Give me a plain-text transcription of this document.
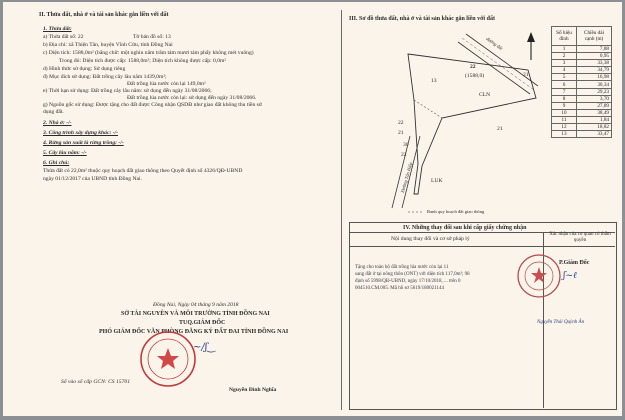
II. Thửa đất, nhà ở và tài sản khác gắn liền với đất
1. Thửa đất:
a) Thửa đất số: 22	Tờ bản đồ số: 13
b) Địa chỉ: xã Thiện Tân, huyện Vĩnh Cửu, tỉnh Đồng Nai
c) Diện tích: 1588,0m² (bằng chữ: một nghìn năm trăm tám mươi tám phẩy không mét vuông)
Trong đó: Diện tích được cấp: 1588,0m²; Diện tích không được cấp: 0,0m²
d) Hình thức sử dụng: Sử dụng riêng
đ) Mục đích sử dụng: Đất trồng cây lâu năm 1439,0m²;
Đất trồng lúa nước còn lại 149,0m²
e) Thời hạn sử dụng: Đất trồng cây lâu năm: sử dụng đến ngày 31/08/2066;
Đất trồng lúa nước còn lại: sử dụng đến ngày 31/08/2066.
g) Nguồn gốc sử dụng: Được tặng cho đất được Công nhận QSDĐ như giao đất không thu tiền sử
dụng đất.
2. Nhà ở: -/-
3. Công trình xây dựng khác: -/-
4. Rừng sản xuất là rừng trồng: -/-
5. Cây lâu năm: -/-
6. Ghi chú:
Thửa đất có 22,0m² thuộc quy hoạch đất giao thông theo Quyết định số 4326/QĐ-UBND
ngày 01/12/2017 của UBND tỉnh Đồng Nai.
Đồng Nai, Ngày 04 tháng 9 năm 2018
SỞ TÀI NGUYÊN VÀ MÔI TRƯỜNG TỈNH ĐỒNG NAI
TUQ.GIÁM ĐỐC
PHÓ GIÁM ĐỐC VĂN PHÒNG ĐĂNG KÝ ĐẤT ĐAI TỈNH ĐỒNG NAI
~/ʃ‿
Nguyễn Đình Nghĩa
Số vào sổ cấp GCN: CS 15701
III. Sơ đồ thửa đất, nhà ở và tài sản khác gắn liền với đất
22
(1588,0)
CLN
13
21
21
22
21
30
22
đường đất
Đường Tân Hiệp	LUK
Ranh quy hoạch đất giao thông
Số hiệu đỉnh	Chiều dài cạnh (m)
1	7,88
2	0,95
3	33,38
4	34,79
5	16,98
6	30,34
7	29,23
8	3,70
9	27,89
10	38,49
11	1,84
12	18,82
13	33,47
IV. Những thay đổi sau khi cấp giấy chứng nhận
Nội dung thay đổi và cơ sở pháp lý
Xác nhận của cơ quan có thẩm quyền
Tặng cho toàn bộ đất trồng lúa nước còn lại 11
sang đất ở tại nông thôn (ONT) với diện tích 117,0m²; 98
định số 5998/QĐ-UBND, ngày 17/10/2018, ... trên 0
004510.CM.005. Mã hồ sơ 5619/180021144
P.Giám Đốc
ʃ~ℓ
Nguyễn Thái Quỳnh Ân
